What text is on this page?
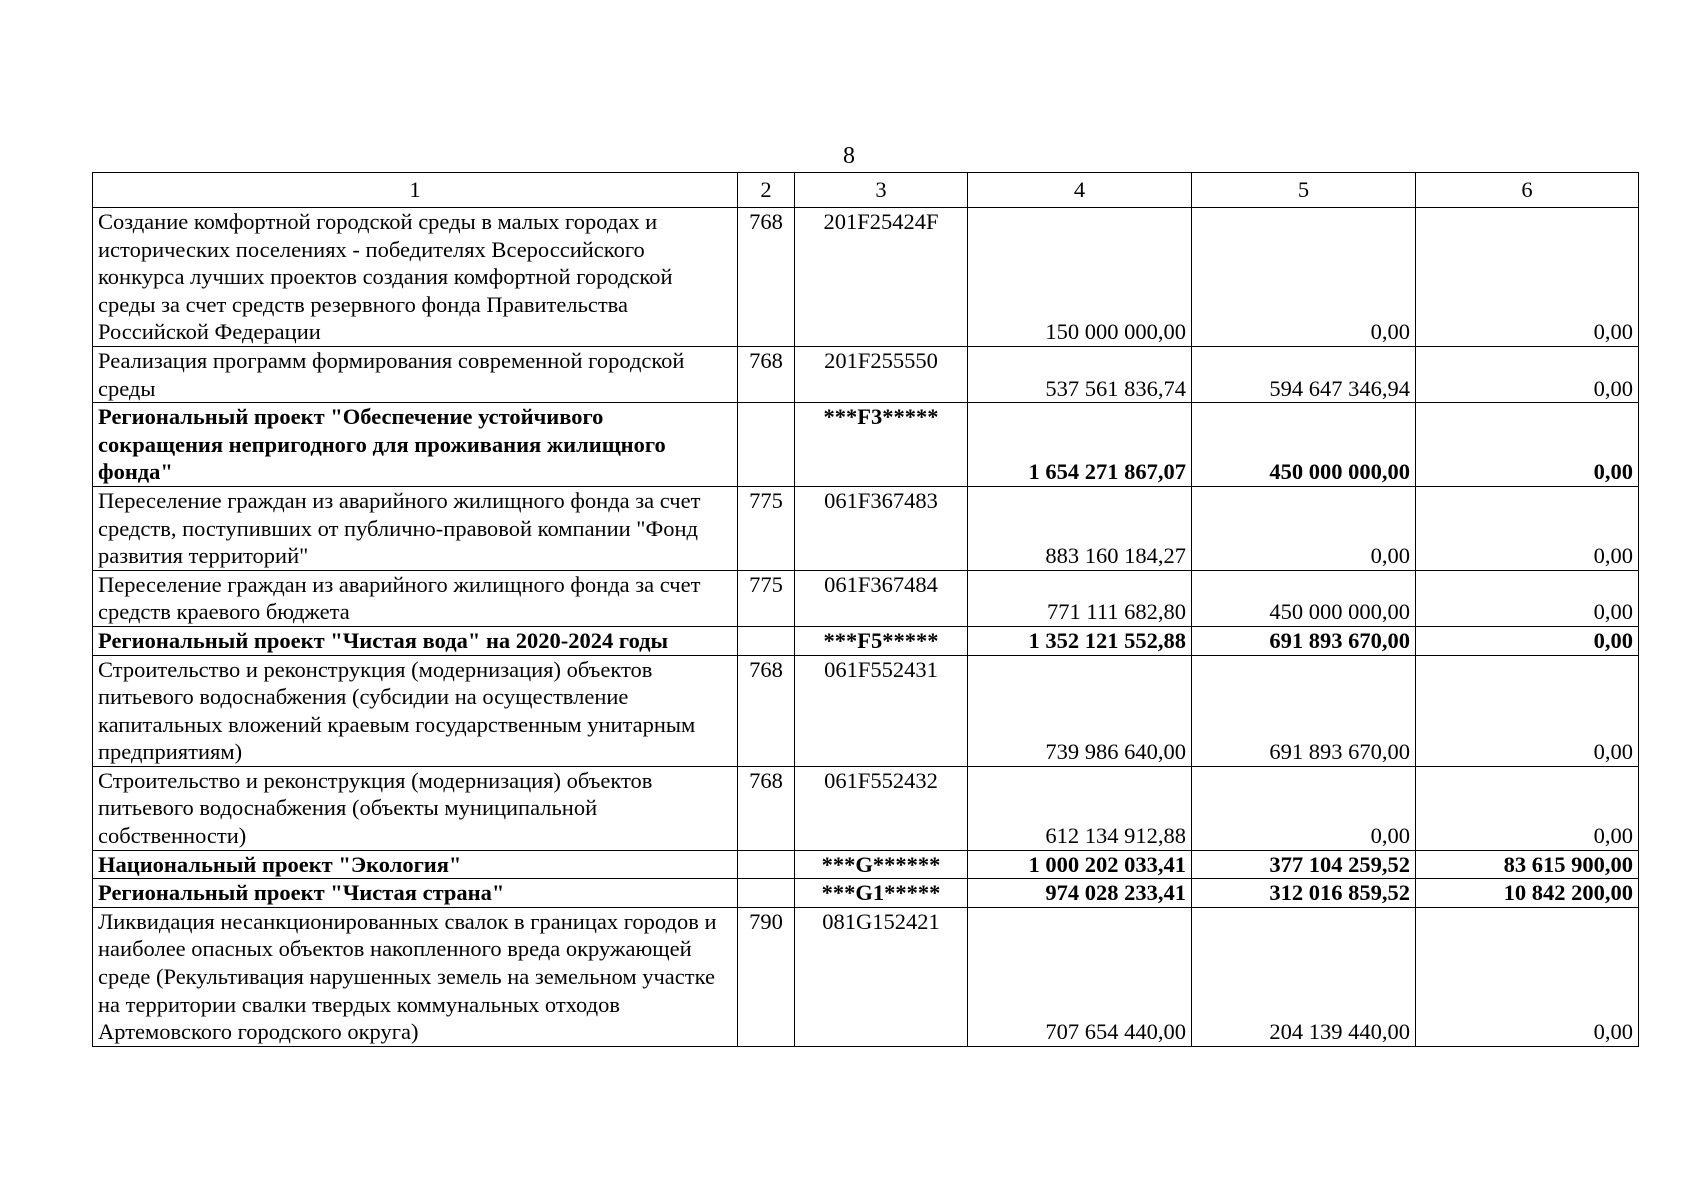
8
1	2	3	4	5	6
Создание комфортной городской среды в малых городах и исторических поселениях - победителях Всероссийского конкурса лучших проектов создания комфортной городской среды за счет средств резервного фонда Правительства Российской Федерации	768	201F25424F	150 000 000,00	0,00	0,00
Реализация программ формирования современной городской среды	768	201F255550	537 561 836,74	594 647 346,94	0,00
Региональный проект "Обеспечение устойчивого сокращения непригодного для проживания жилищного фонда"		***F3*****	1 654 271 867,07	450 000 000,00	0,00
Переселение граждан из аварийного жилищного фонда за счет средств, поступивших от публично-правовой компании "Фонд развития территорий"	775	061F367483	883 160 184,27	0,00	0,00
Переселение граждан из аварийного жилищного фонда за счет средств краевого бюджета	775	061F367484	771 111 682,80	450 000 000,00	0,00
Региональный проект "Чистая вода" на 2020-2024 годы		***F5*****	1 352 121 552,88	691 893 670,00	0,00
Строительство и реконструкция (модернизация) объектов питьевого водоснабжения (субсидии на осуществление капитальных вложений краевым государственным унитарным предприятиям)	768	061F552431	739 986 640,00	691 893 670,00	0,00
Строительство и реконструкция (модернизация) объектов питьевого водоснабжения (объекты муниципальной собственности)	768	061F552432	612 134 912,88	0,00	0,00
Национальный проект "Экология"		***G******	1 000 202 033,41	377 104 259,52	83 615 900,00
Региональный проект "Чистая страна"		***G1*****	974 028 233,41	312 016 859,52	10 842 200,00
Ликвидация несанкционированных свалок в границах городов и наиболее опасных объектов накопленного вреда окружающей среде (Рекультивация нарушенных земель на земельном участке на территории свалки твердых коммунальных отходов Артемовского городского округа)	790	081G152421	707 654 440,00	204 139 440,00	0,00
